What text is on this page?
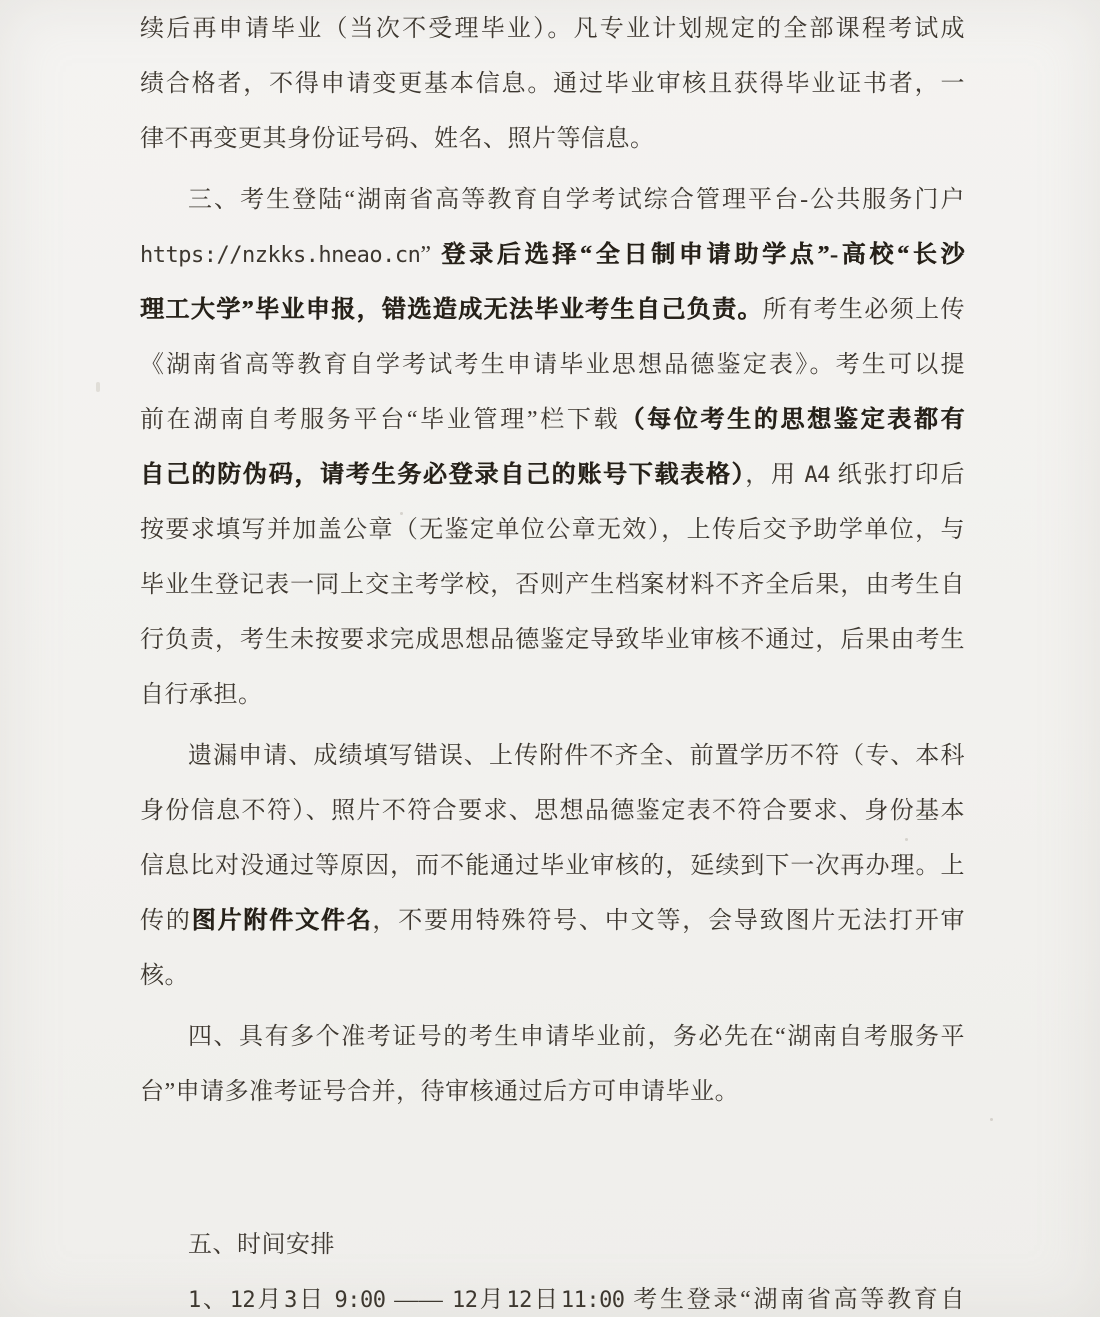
续后再申请毕业（当次不受理毕业）。凡专业计划规定的全部课程考试成
绩合格者，不得申请变更基本信息。通过毕业审核且获得毕业证书者，一
律不再变更其身份证号码、姓名、照片等信息。
三、考生登陆“湖南省高等教育自学考试综合管理平台-公共服务门户
https://nzkks.hneao.cn” 登录后选择“全日制申请助学点”-高校“长沙
理工大学”毕业申报，错选造成无法毕业考生自己负责。所有考生必须上传
《湖南省高等教育自学考试考生申请毕业思想品德鉴定表》。考生可以提
前在湖南自考服务平台“毕业管理”栏下载（每位考生的思想鉴定表都有
自己的防伪码，请考生务必登录自己的账号下载表格），用 A4 纸张打印后
按要求填写并加盖公章（无鉴定单位公章无效），上传后交予助学单位，与
毕业生登记表一同上交主考学校，否则产生档案材料不齐全后果，由考生自
行负责，考生未按要求完成思想品德鉴定导致毕业审核不通过，后果由考生
自行承担。
遗漏申请、成绩填写错误、上传附件不齐全、前置学历不符（专、本科
身份信息不符）、照片不符合要求、思想品德鉴定表不符合要求、身份基本
信息比对没通过等原因，而不能通过毕业审核的，延续到下一次再办理。上
传的图片附件文件名，不要用特殊符号、中文等，会导致图片无法打开审
核。
四、具有多个准考证号的考生申请毕业前，务必先在“湖南自考服务平
台”申请多准考证号合并，待审核通过后方可申请毕业。
五、时间安排
1、12月3日 9:00 —— 12月12日11:00 考生登录“湖南省高等教育自
